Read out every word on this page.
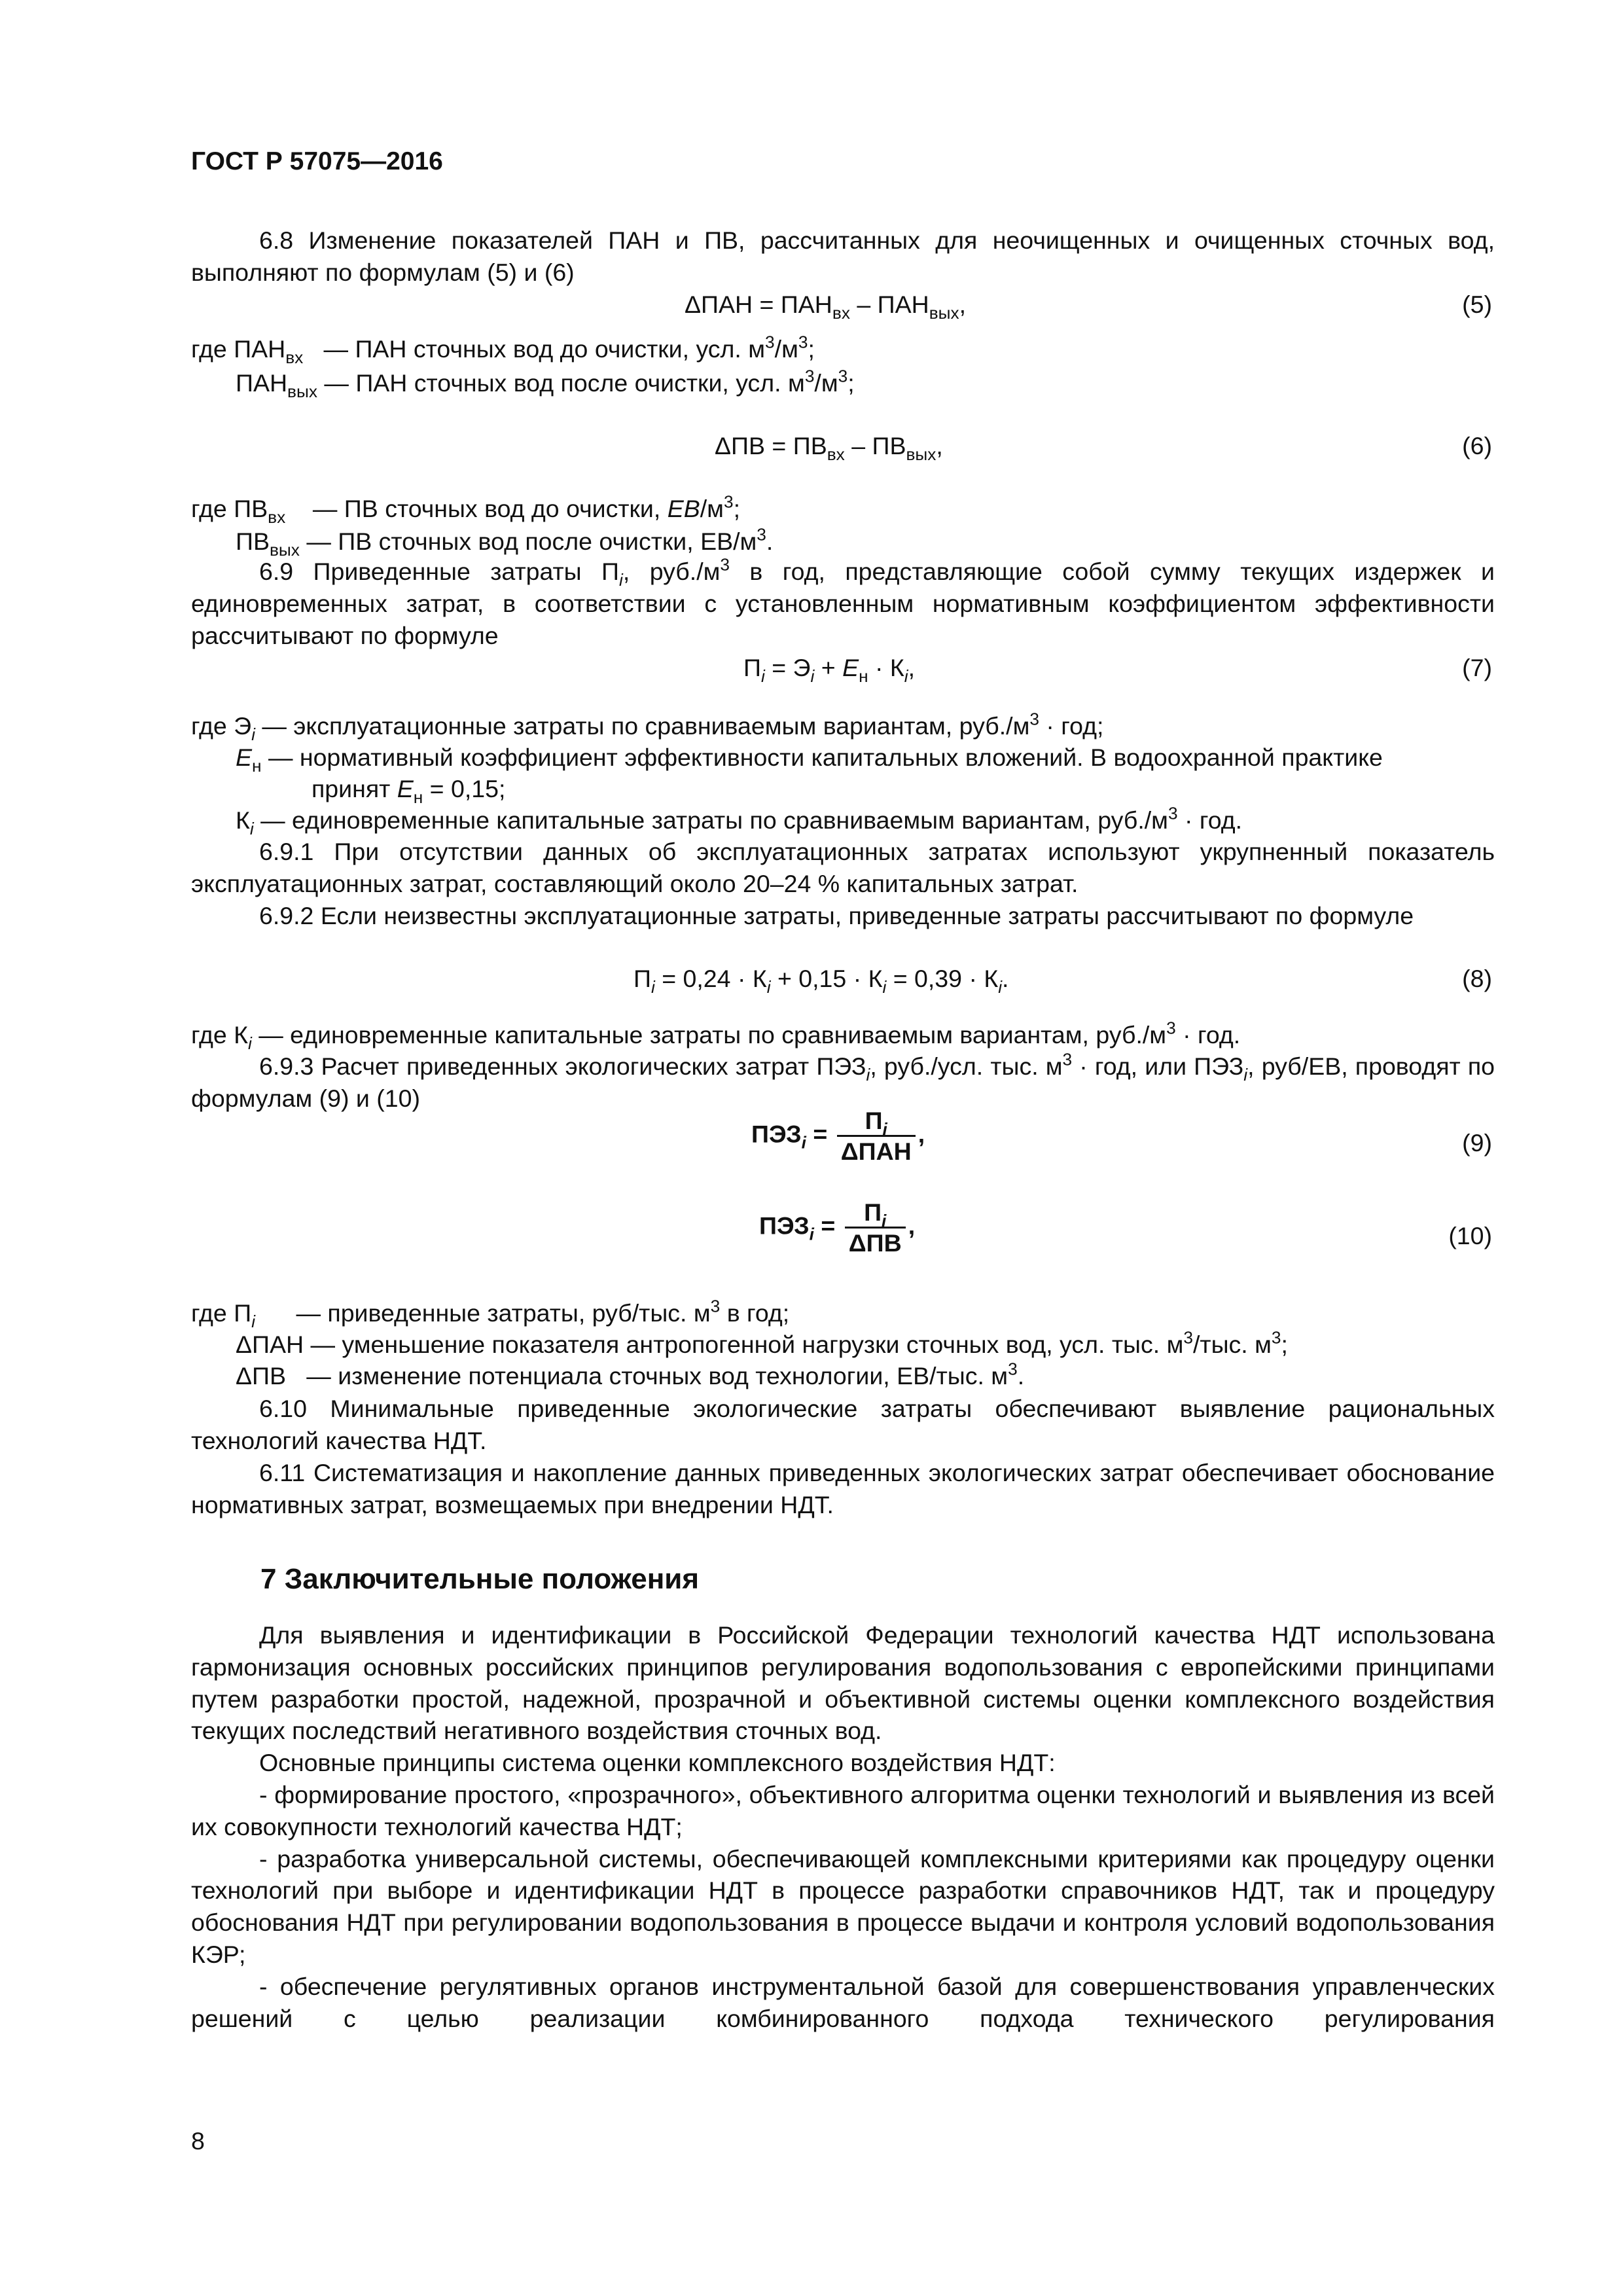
ГОСТ Р 57075—2016

6.8 Изменение показателей ПАН и ПВ, рассчитанных для неочищенных и очищенных сточных вод, выполняют по формулам (5) и (6)

$\Delta ПАН = ПАН_{вх} - ПАН_{вых}$,	(5)
где $ПАН_{вх}$ — ПАН сточных вод до очистки, усл. $м^3/м^3$;
$ПАН_{вых}$ — ПАН сточных вод после очистки, усл. $м^3/м^3$;
$\Delta ПВ = ПВ_{вх} - ПВ_{вых}$,	(6)
где $ПВ_{вх}$ — ПВ сточных вод до очистки, $ЕВ/м^3$;
$ПВ_{вых}$ — ПВ сточных вод после очистки, $ЕВ/м^3$.

6.9 Приведенные затраты $П_i$, $руб./м^3$ в год, представляющие собой сумму текущих издержек и единовременных затрат, в соответствии с установленным нормативным коэффициентом эффективности рассчитывают по формуле

$П_i = Э_i + Е_н \cdot К_i$,	(7)
где $Э_i$ — эксплуатационные затраты по сравниваемым вариантам, $руб./м^3$ · год;
$Е_н$ — нормативный коэффициент эффективности капитальных вложений. В водоохранной практике
принят $Е_н = 0,15$;
$К_i$ — единовременные капитальные затраты по сравниваемым вариантам, $руб./м^3$ · год.

6.9.1 При отсутствии данных об эксплуатационных затратах используют укрупненный показатель эксплуатационных затрат, составляющий около 20–24 % капитальных затрат.

6.9.2 Если неизвестны эксплуатационные затраты, приведенные затраты рассчитывают по формуле

$П_i = 0,24 \cdot К_i + 0,15 \cdot К_i = 0,39 \cdot К_i$.	(8)
где $К_i$ — единовременные капитальные затраты по сравниваемым вариантам, $руб./м^3$ · год.

6.9.3 Расчет приведенных экологических затрат $ПЭЗ_i$, руб./усл. тыс. $м^3$ · год, или $ПЭЗ_i$, руб/ЕВ, проводят по формулам (9) и (10)

$ПЭЗ_i = \frac{П_i}{\text{ΔПАН}}$ ,	(9)
$ПЭЗ_i = \frac{П_i}{\text{ΔПВ}}$ ,	(10)
где $П_i$ — приведенные затраты, руб/тыс. $м^3$ в год;
ΔПАН — уменьшение показателя антропогенной нагрузки сточных вод, усл. тыс. $м^3$/тыс. $м^3$;
ΔПВ   — изменение потенциала сточных вод технологии, ЕВ/тыс. $м^3$.

6.10 Минимальные приведенные экологические затраты обеспечивают выявление рациональных технологий качества НДТ.

6.11 Систематизация и накопление данных приведенных экологических затрат обеспечивает обоснование нормативных затрат, возмещаемых при внедрении НДТ.

7 Заключительные положения

Для выявления и идентификации в Российской Федерации технологий качества НДТ использована гармонизация основных российских принципов регулирования водопользования с европейскими принципами путем разработки простой, надежной, прозрачной и объективной системы оценки комплексного воздействия текущих последствий негативного воздействия сточных вод.

Основные принципы система оценки комплексного воздействия НДТ:

- формирование простого, «прозрачного», объективного алгоритма оценки технологий и выявления из всей их совокупности технологий качества НДТ;

- разработка универсальной системы, обеспечивающей комплексными критериями как процедуру оценки технологий при выборе и идентификации НДТ в процессе разработки справочников НДТ, так и процедуру обоснования НДТ при регулировании водопользования в процессе выдачи и контроля условий водопользования КЭР;

- обеспечение регулятивных органов инструментальной базой для совершенствования управленческих решений с целью реализации комбинированного подхода технического регулирования

8
